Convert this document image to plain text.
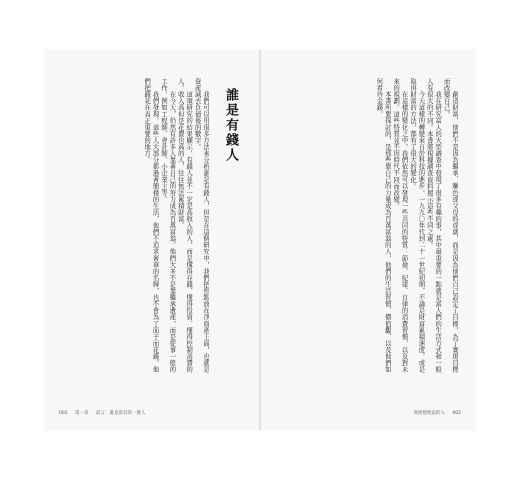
我們可以用很多方法來分析誰是有錢人，但是在這個研究中，我們把焦點放在淨資產上面，也就是資產減去負債後的數字。

這項研究的結果顯示，有錢人並不一定是高收入的人，而是懂得存錢、懂得投資、懂得控制消費的人。收入高但是花費也高的人，往往無法累積財富。

在今天，仍然有許多人靠著自己的努力成為百萬富翁。他們大多不是靠繼承遺產，而是從事一般的工作，例如工程師、會計師、小企業主等。

我們發現，這些人大部分都過著簡樸的生活，他們不追求奢華的名牌，也不會為了面子而花錢。他們把錢花在真正重要的地方。	誰是有錢人
002 第一章 前言：誰是富有的一群人

創造財富，他們不是因為繼承、賺色或父母的成就，而是因為他們自己設定了目標，為了實現目標而改變自己。

我在研究富人的大型調查中發現了很多有趣的事，其中最重要的一點就是富人們的生活方式和一般人有很大的不同。本書將根據調查資料揭示這些不同之處。

今天這樣的轉變來自於科技的進步，一九九〇年代到二十一世紀初期，不論是財富累積速度，或是取得財富的方法，都有了很大的變化。

在這樣的變化之中，我們依然可以發現一些共同的特質：節儉、紀律、自律的消費習慣，以及對未來的規劃。這些特質並不因時代不同而改變。

本書所要探討的，是那些靠自己的力量成為百萬富翁的人，他們的生活習慣、價值觀、以及他們如何看待金錢。

寫給想致富的人 002
